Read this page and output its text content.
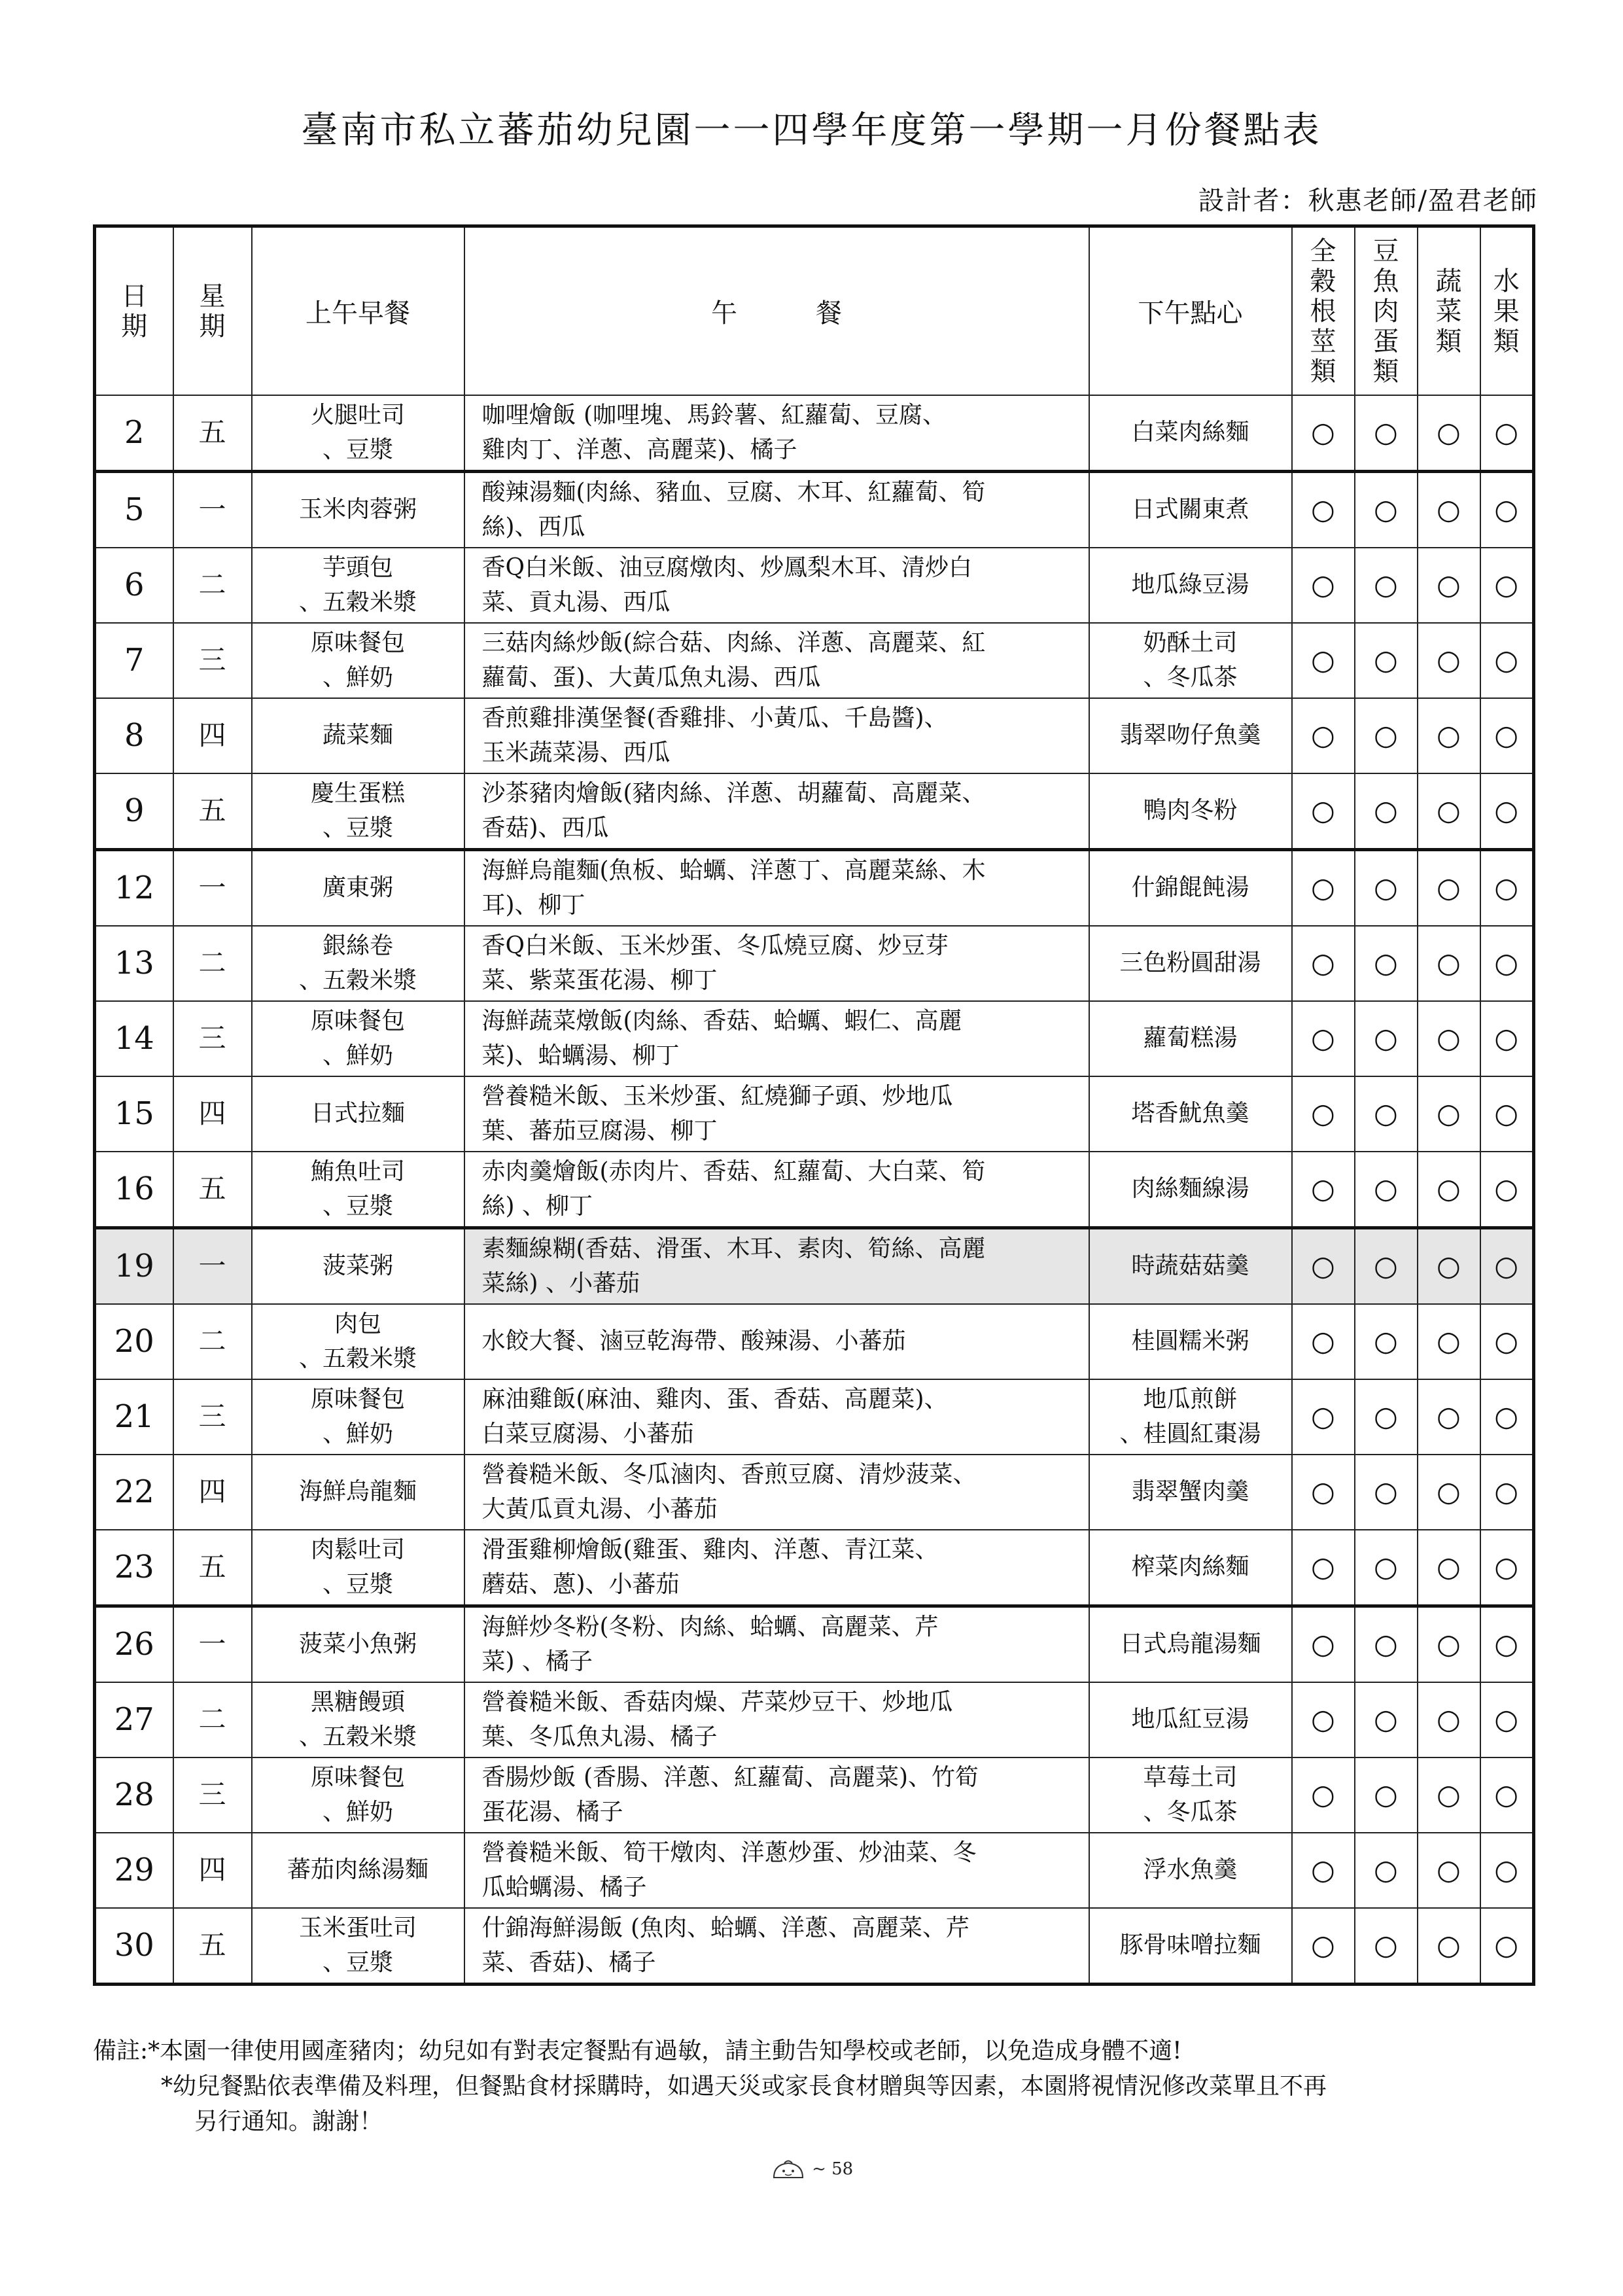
臺南市私立蕃茄幼兒園一一四學年度第一學期一月份餐點表
設計者：秋惠老師/盈君老師
日期	星期	上午早餐	午　　　餐	下午點心	全穀根莖類	豆魚肉蛋類	蔬菜類	水果類
2	五	火腿吐司
、豆漿	咖哩燴飯 (咖哩塊、馬鈴薯、紅蘿蔔、豆腐、
雞肉丁、洋蔥、高麗菜)、橘子	白菜肉絲麵	○	○	○	○
5	一	玉米肉蓉粥	酸辣湯麵(肉絲、豬血、豆腐、木耳、紅蘿蔔、筍
絲)、西瓜	日式關東煮	○	○	○	○
6	二	芋頭包
、五穀米漿	香Q白米飯、油豆腐燉肉、炒鳳梨木耳、清炒白
菜、貢丸湯、西瓜	地瓜綠豆湯	○	○	○	○
7	三	原味餐包
、鮮奶	三菇肉絲炒飯(綜合菇、肉絲、洋蔥、高麗菜、紅
蘿蔔、蛋)、大黃瓜魚丸湯、西瓜	奶酥土司
、冬瓜茶	○	○	○	○
8	四	蔬菜麵	香煎雞排漢堡餐(香雞排、小黃瓜、千島醬)、
玉米蔬菜湯、西瓜	翡翠吻仔魚羹	○	○	○	○
9	五	慶生蛋糕
、豆漿	沙茶豬肉燴飯(豬肉絲、洋蔥、胡蘿蔔、高麗菜、
香菇)、西瓜	鴨肉冬粉	○	○	○	○
12	一	廣東粥	海鮮烏龍麵(魚板、蛤蠣、洋蔥丁、高麗菜絲、木
耳)、柳丁	什錦餛飩湯	○	○	○	○
13	二	銀絲卷
、五穀米漿	香Q白米飯、玉米炒蛋、冬瓜燒豆腐、炒豆芽
菜、紫菜蛋花湯、柳丁	三色粉圓甜湯	○	○	○	○
14	三	原味餐包
、鮮奶	海鮮蔬菜燉飯(肉絲、香菇、蛤蠣、蝦仁、高麗
菜)、蛤蠣湯、柳丁	蘿蔔糕湯	○	○	○	○
15	四	日式拉麵	營養糙米飯、玉米炒蛋、紅燒獅子頭、炒地瓜
葉、蕃茄豆腐湯、柳丁	塔香魷魚羹	○	○	○	○
16	五	鮪魚吐司
、豆漿	赤肉羹燴飯(赤肉片、香菇、紅蘿蔔、大白菜、筍
絲) 、柳丁	肉絲麵線湯	○	○	○	○
19	一	菠菜粥	素麵線糊(香菇、滑蛋、木耳、素肉、筍絲、高麗
菜絲) 、小蕃茄	時蔬菇菇羹	○	○	○	○
20	二	肉包
、五穀米漿	水餃大餐、滷豆乾海帶、酸辣湯、小蕃茄	桂圓糯米粥	○	○	○	○
21	三	原味餐包
、鮮奶	麻油雞飯(麻油、雞肉、蛋、香菇、高麗菜)、
白菜豆腐湯、小蕃茄	地瓜煎餅
、桂圓紅棗湯	○	○	○	○
22	四	海鮮烏龍麵	營養糙米飯、冬瓜滷肉、香煎豆腐、清炒菠菜、
大黃瓜貢丸湯、小蕃茄	翡翠蟹肉羹	○	○	○	○
23	五	肉鬆吐司
、豆漿	滑蛋雞柳燴飯(雞蛋、雞肉、洋蔥、青江菜、
蘑菇、蔥)、小蕃茄	榨菜肉絲麵	○	○	○	○
26	一	菠菜小魚粥	海鮮炒冬粉(冬粉、肉絲、蛤蠣、高麗菜、芹
菜) 、橘子	日式烏龍湯麵	○	○	○	○
27	二	黑糖饅頭
、五穀米漿	營養糙米飯、香菇肉燥、芹菜炒豆干、炒地瓜
葉、冬瓜魚丸湯、橘子	地瓜紅豆湯	○	○	○	○
28	三	原味餐包
、鮮奶	香腸炒飯 (香腸、洋蔥、紅蘿蔔、高麗菜)、竹筍
蛋花湯、橘子	草莓土司
、冬瓜茶	○	○	○	○
29	四	蕃茄肉絲湯麵	營養糙米飯、筍干燉肉、洋蔥炒蛋、炒油菜、冬
瓜蛤蠣湯、橘子	浮水魚羹	○	○	○	○
30	五	玉米蛋吐司
、豆漿	什錦海鮮湯飯 (魚肉、蛤蠣、洋蔥、高麗菜、芹
菜、香菇)、橘子	豚骨味噌拉麵	○	○	○	○
備註:*本園一律使用國產豬肉；幼兒如有對表定餐點有過敏，請主動告知學校或老師，以免造成身體不適!
*幼兒餐點依表準備及料理，但餐點食材採購時，如遇天災或家長食材贈與等因素，本園將視情況修改菜單且不再
另行通知。謝謝！
~ 58
